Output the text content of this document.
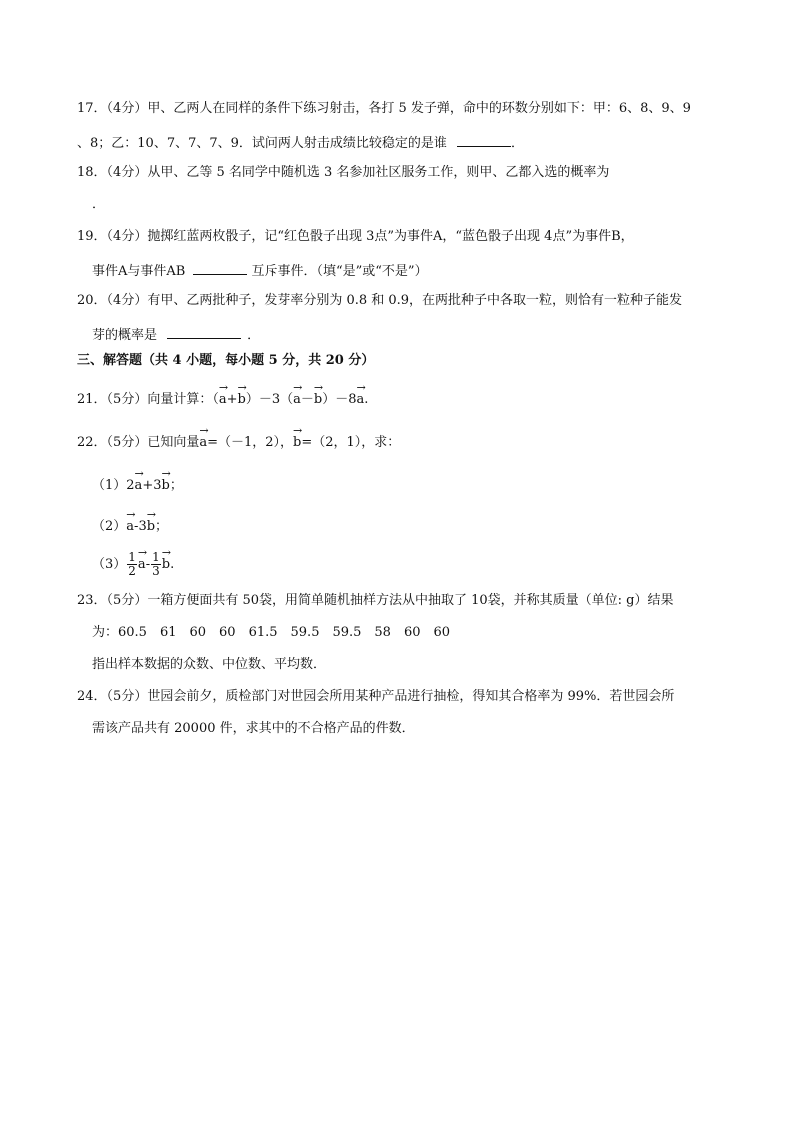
17．（4分）甲、乙两人在同样的条件下练习射击，各打 5 发子弹，命中的环数分别如下：甲：6、8、9、9
、8；乙：10、7、7、7、9．试问两人射击成绩比较稳定的是谁	．
18．（4分）从甲、乙等 5 名同学中随机选 3 名参加社区服务工作，则甲、乙都入选的概率为
．
19．（4分）抛掷红蓝两枚骰子，记“红色骰子出现 3点”为事件A，“蓝色骰子出现 4点”为事件B，
事件A与事件AB	互斥事件．（填“是”或“不是”）
20．（4分）有甲、乙两批种子，发芽率分别为 0.8 和 0.9，在两批种子中各取一粒，则恰有一粒种子能发
芽的概率是	．
三、解答题（共 4 小题，每小题 5 分，共 20 分）
21．（5分）向量计算：（→ a+→ b）－3（→ a－→ b）－8→ a.
22．（5分）已知向量→ a=（－1，2），→ b=（2，1），求：
（1）2→ a+3→ b；
（2）→ a-3→ b；
$(3) \frac{1}{2}$
→ $a- \frac{1}{3}$
→ b.
23．（5分）一箱方便面共有 50袋，用简单随机抽样方法从中抽取了 10袋，并称其质量（单位: g）结果
为：60.5　61　60　60　61.5　59.5　59.5　58　60　60
指出样本数据的众数、中位数、平均数．
24．（5分）世园会前夕，质检部门对世园会所用某种产品进行抽检，得知其合格率为 99%．若世园会所
需该产品共有 20000 件，求其中的不合格产品的件数．
